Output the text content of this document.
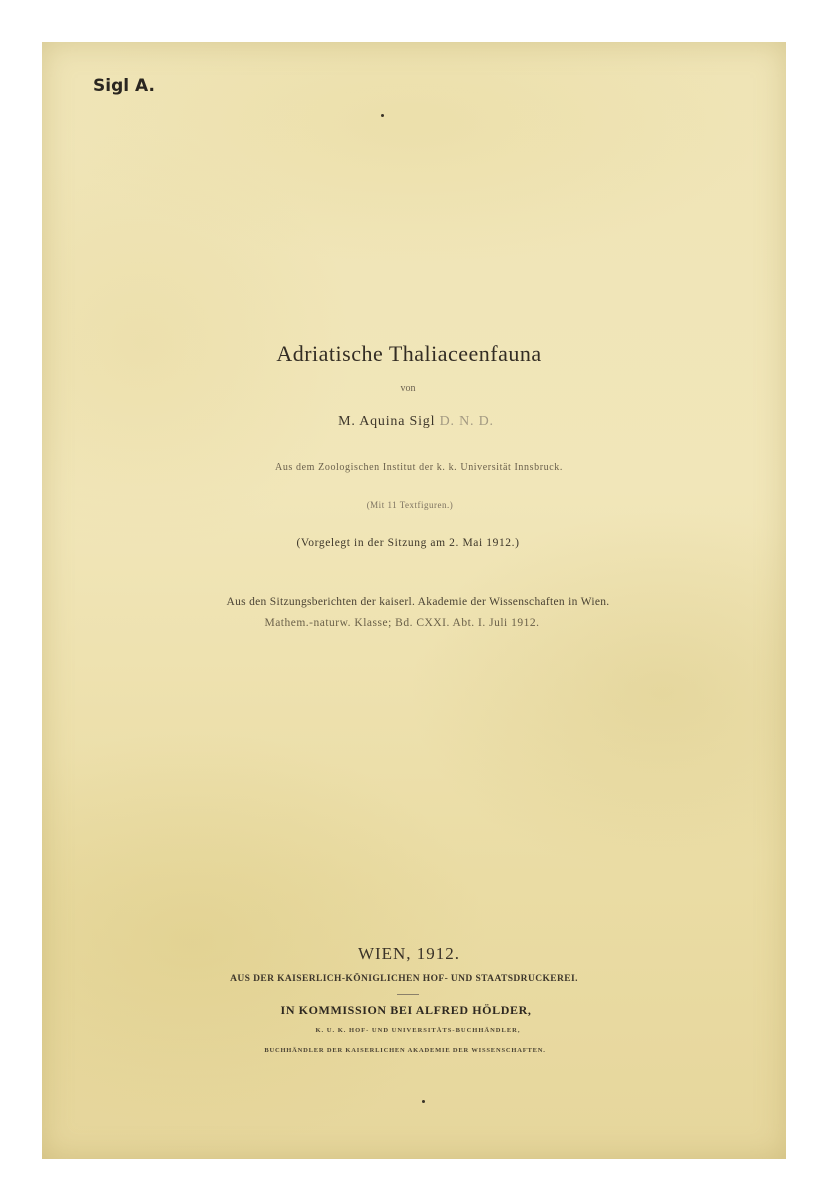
Sigl A.
Adriatische Thaliaceenfauna
von
M. Aquina Sigl D. N. D.
Aus dem Zoologischen Institut der k. k. Universität Innsbruck.
(Mit 11 Textfiguren.)
(Vorgelegt in der Sitzung am 2. Mai 1912.)
Aus den Sitzungsberichten der kaiserl. Akademie der Wissenschaften in Wien.
Mathem.-naturw. Klasse; Bd. CXXI. Abt. I. Juli 1912.
WIEN, 1912.
AUS DER KAISERLICH-KÖNIGLICHEN HOF- UND STAATSDRUCKEREI.
IN KOMMISSION BEI ALFRED HÖLDER,
K. U. K. HOF- UND UNIVERSITÄTS-BUCHHÄNDLER,
BUCHHÄNDLER DER KAISERLICHEN AKADEMIE DER WISSENSCHAFTEN.
